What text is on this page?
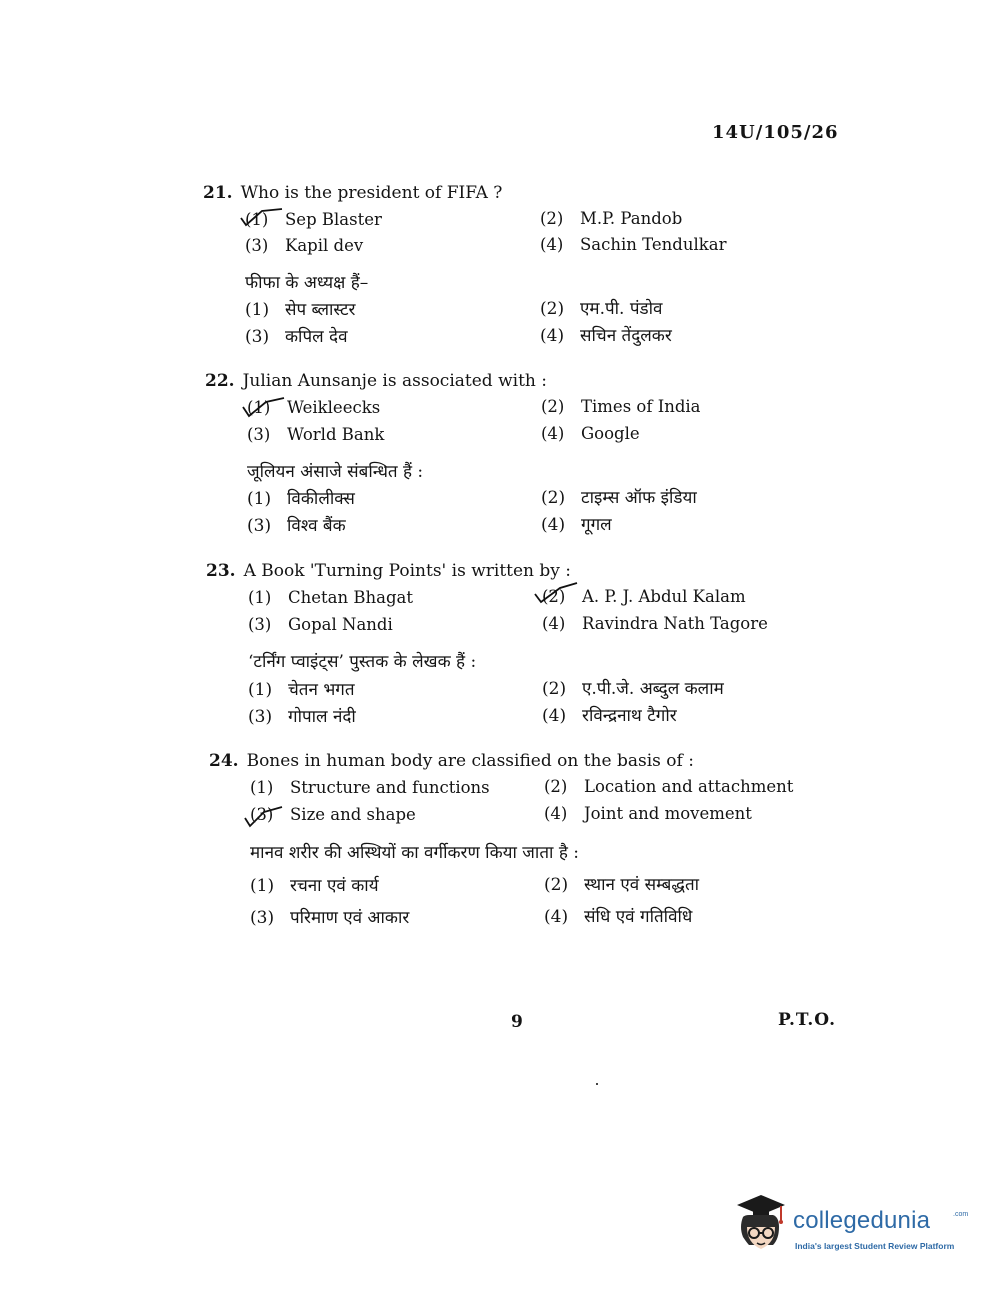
14U/105/26
21. Who is the president of FIFA ?
(1) Sep Blaster	(2) M.P. Pandob
(3) Kapil dev	(4) Sachin Tendulkar
फीफा के अध्यक्ष हैं–
(1) सेप ब्लास्टर	(2) एम.पी. पंडोव
(3) कपिल देव	(4) सचिन तेंदुलकर
22. Julian Aunsanje is associated with :
(1) Weikleecks	(2) Times of India
(3) World Bank	(4) Google
जूलियन अंसाजे संबन्धित हैं :
(1) विकीलीक्स	(2) टाइम्स ऑफ इंडिया
(3) विश्व बैंक	(4) गूगल
23. A Book 'Turning Points' is written by :
(1) Chetan Bhagat	(2) A. P. J. Abdul Kalam
(3) Gopal Nandi	(4) Ravindra Nath Tagore
‘टर्निंग प्वाइंट्स’ पुस्तक के लेखक हैं :
(1) चेतन भगत	(2) ए.पी.जे. अब्दुल कलाम
(3) गोपाल नंदी	(4) रविन्द्रनाथ टैगोर
24. Bones in human body are classified on the basis of :
(1) Structure and functions	(2) Location and attachment
(3) Size and shape	(4) Joint and movement
मानव शरीर की अस्थियों का वर्गीकरण किया जाता है :
(1) रचना एवं कार्य	(2) स्थान एवं सम्बद्धता
(3) परिमाण एवं आकार	(4) संधि एवं गतिविधि
9	P.T.O.
collegedunia	.com
India's largest Student Review Platform
